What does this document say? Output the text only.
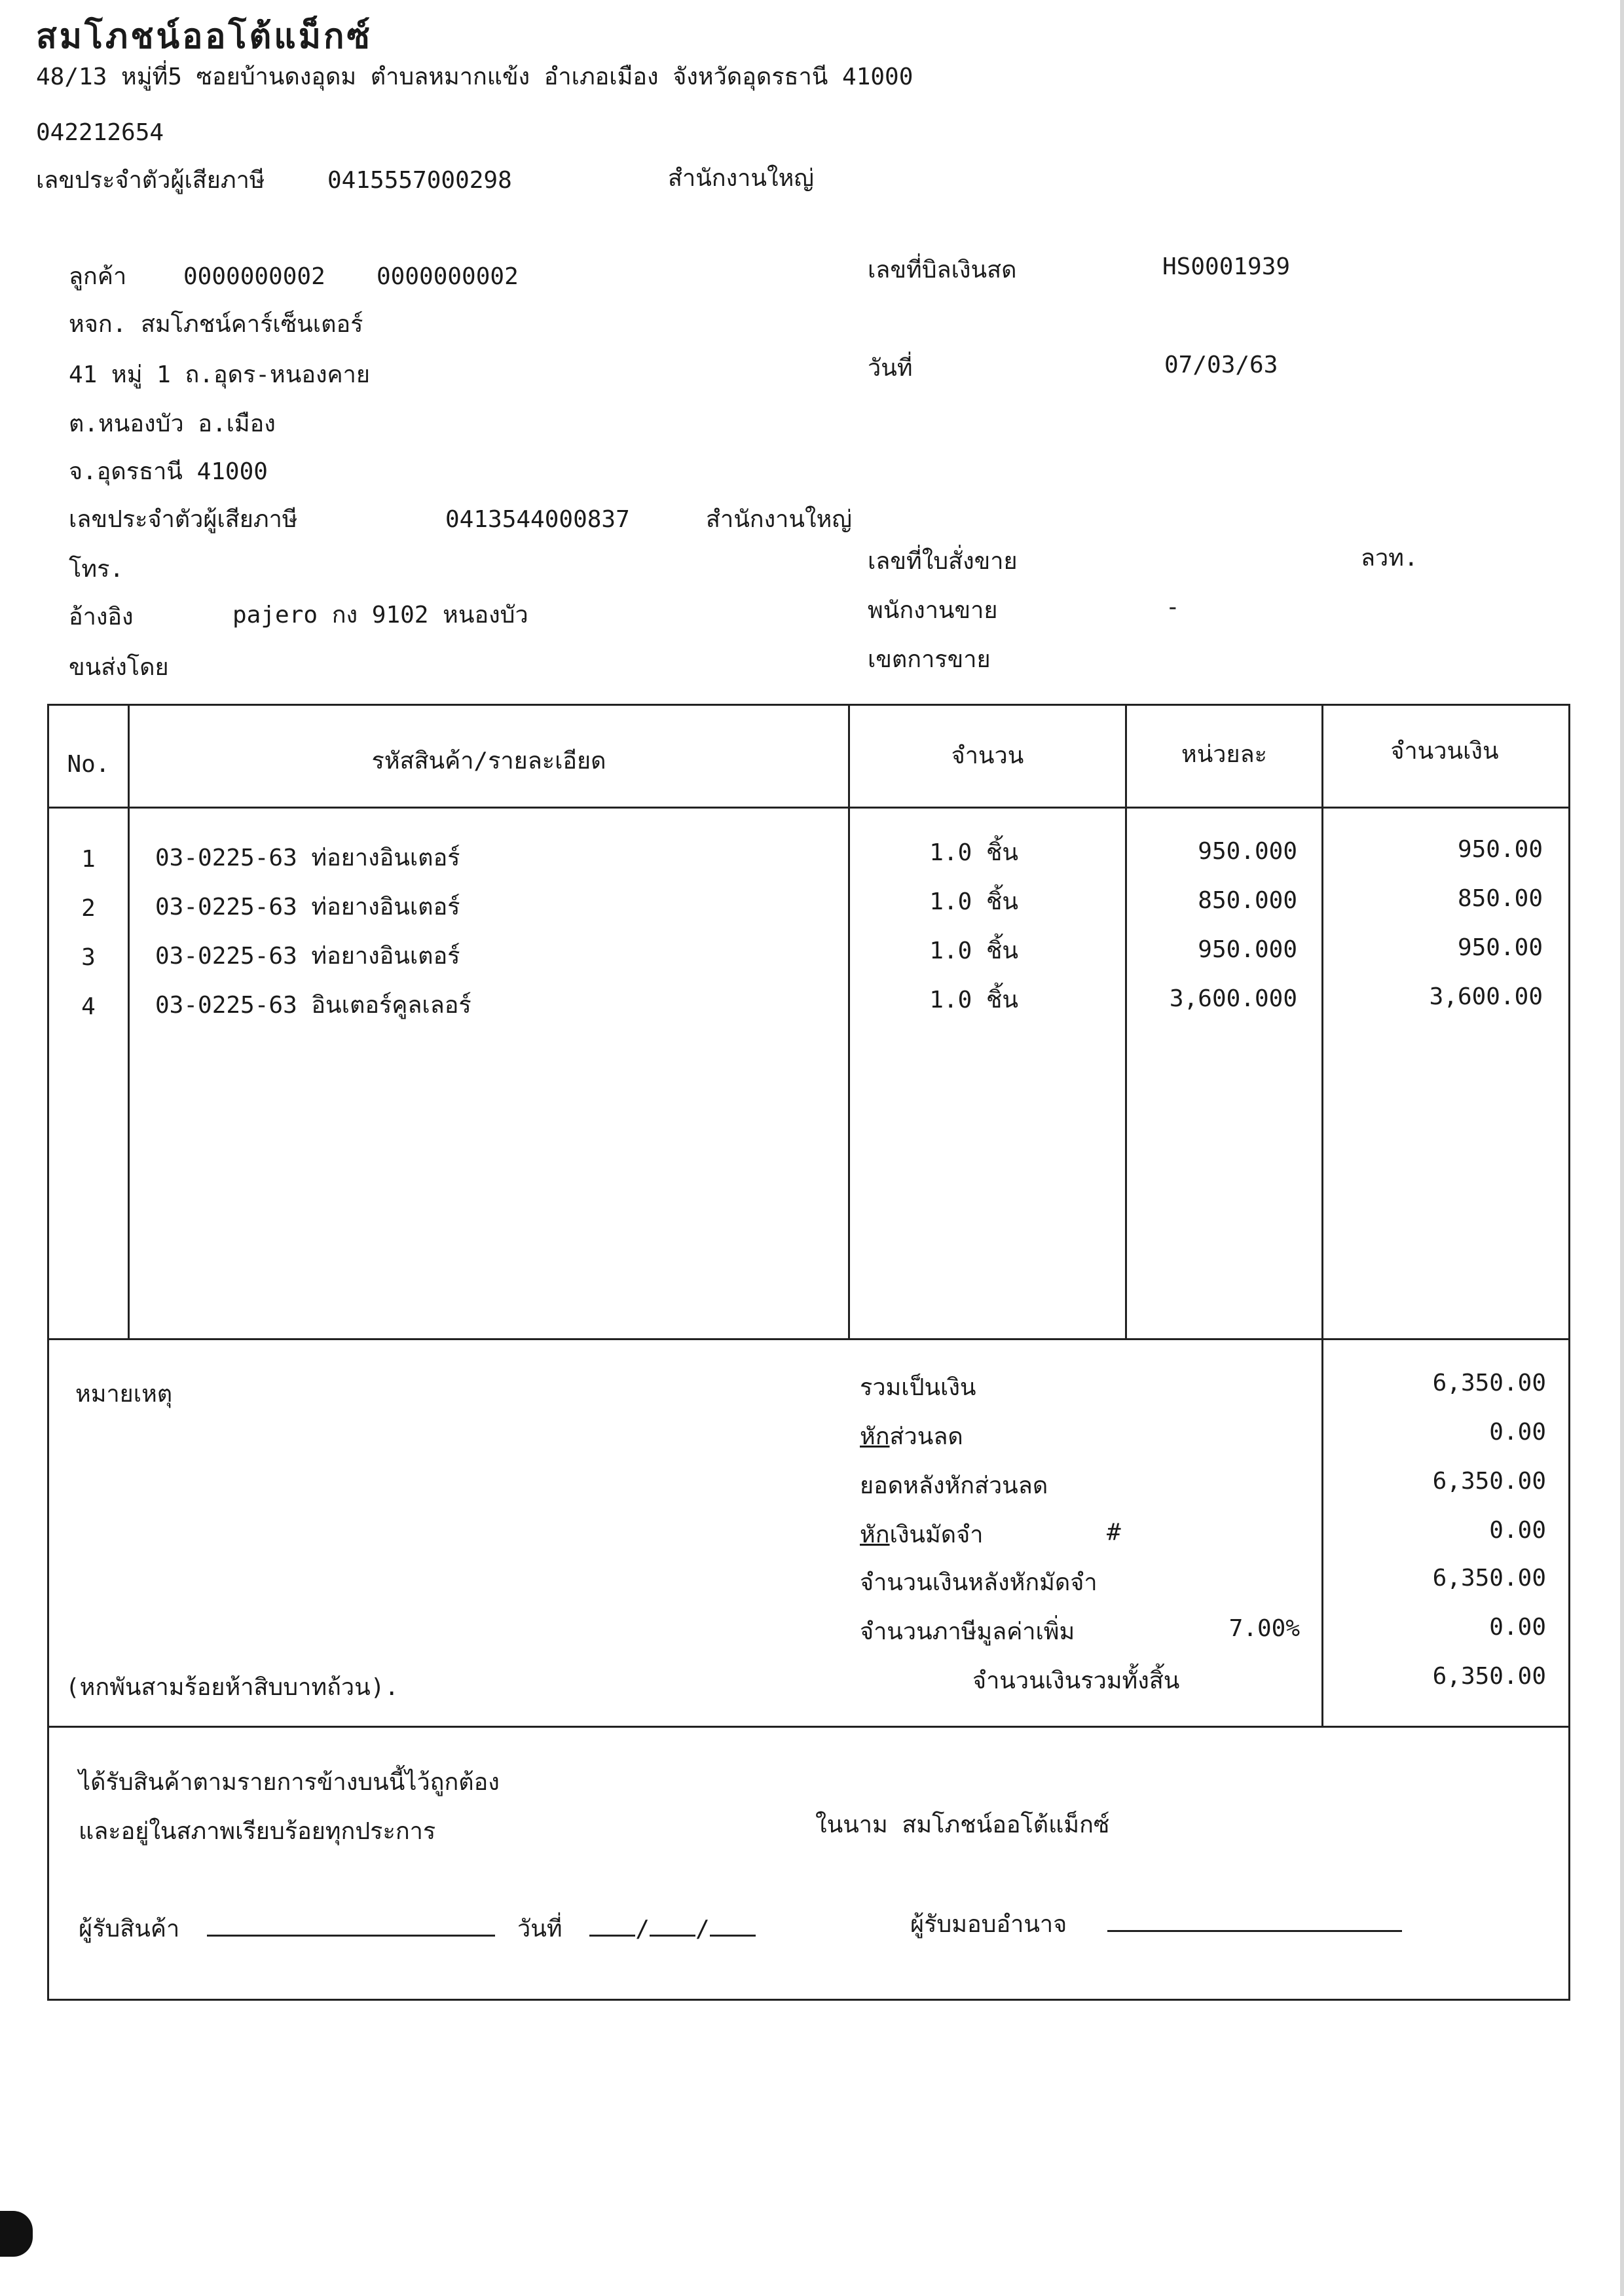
สมโภชน์ออโต้แม็กซ์
48/13 หมู่ที่5 ซอยบ้านดงอุดม ตำบลหมากแข้ง อำเภอเมือง จังหวัดอุดรธานี 41000
042212654
เลขประจำตัวผู้เสียภาษี	0415557000298	สำนักงานใหญ่
ลูกค้า 0000000002 0000000002
หจก. สมโภชน์คาร์เซ็นเตอร์
41 หมู่ 1 ถ.อุดร-หนองคาย
ต.หนองบัว อ.เมือง
จ.อุดรธานี 41000
เลขประจำตัวผู้เสียภาษี	0413544000837	สำนักงานใหญ่
โทร.
อ้างอิง	pajero กง 9102 หนองบัว
ขนส่งโดย
เลขที่บิลเงินสด	HS0001939
วันที่	07/03/63
เลขที่ใบสั่งขาย	ลวท.
พนักงานขาย	-
เขตการขาย
No.	รหัสสินค้า/รายละเอียด	จำนวน	หน่วยละ	จำนวนเงิน
1	03-0225-63 ท่อยางอินเตอร์	1.0 ชิ้น	950.000	950.00
2	03-0225-63 ท่อยางอินเตอร์	1.0 ชิ้น	850.000	850.00
3	03-0225-63 ท่อยางอินเตอร์	1.0 ชิ้น	950.000	950.00
4	03-0225-63 อินเตอร์คูลเลอร์	1.0 ชิ้น	3,600.000	3,600.00
หมายเหตุ	รวมเป็นเงิน	6,350.00
หักส่วนลด	0.00
ยอดหลังหักส่วนลด	6,350.00
หักเงินมัดจำ	#	0.00
จำนวนเงินหลังหักมัดจำ	6,350.00
จำนวนภาษีมูลค่าเพิ่ม	7.00%	0.00
(หกพันสามร้อยห้าสิบบาทถ้วน).	จำนวนเงินรวมทั้งสิ้น	6,350.00
ได้รับสินค้าตามรายการข้างบนนี้ไว้ถูกต้อง
และอยู่ในสภาพเรียบร้อยทุกประการ	ในนาม สมโภชน์ออโต้แม็กซ์
ผู้รับสินค้า	วันที่	/ /	ผู้รับมอบอำนาจ
